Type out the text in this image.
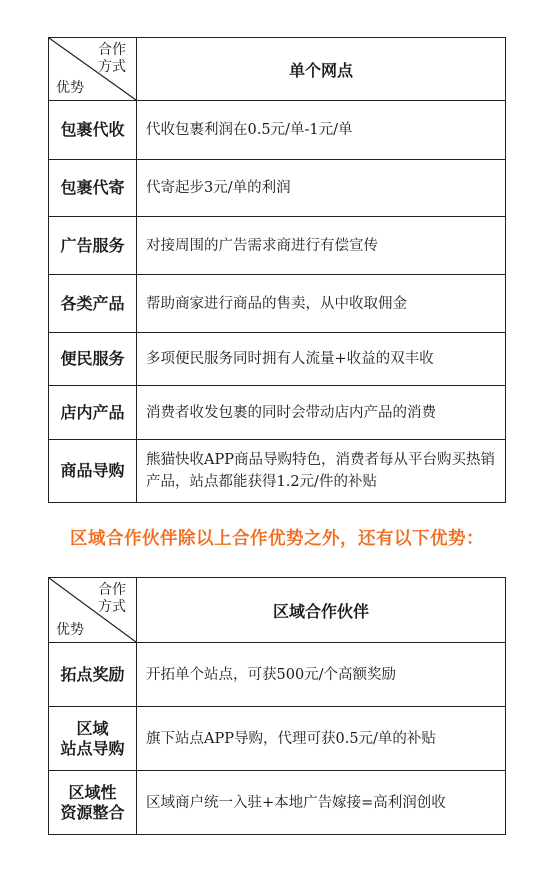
合作
方式
优势	单个网点
包裹代收	代收包裹利润在0.5元/单-1元/单
包裹代寄	代寄起步3元/单的利润
广告服务	对接周围的广告需求商进行有偿宣传
各类产品	帮助商家进行商品的售卖，从中收取佣金
便民服务	多项便民服务同时拥有人流量+收益的双丰收
店内产品	消费者收发包裹的同时会带动店内产品的消费
商品导购	熊猫快收APP商品导购特色，消费者每从平台购买热销产品，站点都能获得1.2元/件的补贴
区域合作伙伴除以上合作优势之外，还有以下优势：
合作
方式
优势	区域合作伙伴

拓点奖励	开拓单个站点，可获500元/个高额奖励

区域
站点导购	旗下站点APP导购，代理可获0.5元/单的补贴

区域性
资源整合	区域商户统一入驻+本地广告嫁接=高利润创收
